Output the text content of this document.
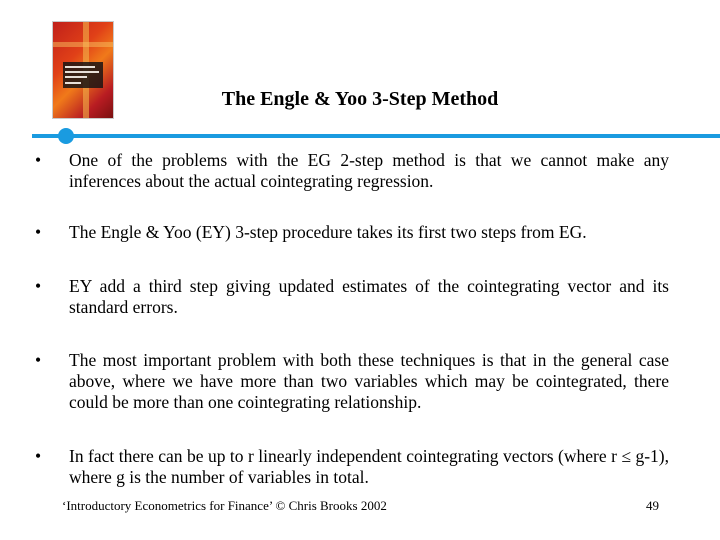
The Engle & Yoo 3-Step Method
• One of the problems with the EG 2-step method is that we cannot make any inferences about the actual cointegrating regression.
• The Engle & Yoo (EY) 3-step procedure takes its first two steps from EG.
• EY add a third step giving updated estimates of the cointegrating vector and its standard errors.
• The most important problem with both these techniques is that in the general case above, where we have more than two variables which may be cointegrated, there could be more than one cointegrating relationship.
• In fact there can be up to r linearly independent cointegrating vectors (where r ≤ g-1), where g is the number of variables in total.
‘Introductory Econometrics for Finance’ © Chris Brooks 2002	49
